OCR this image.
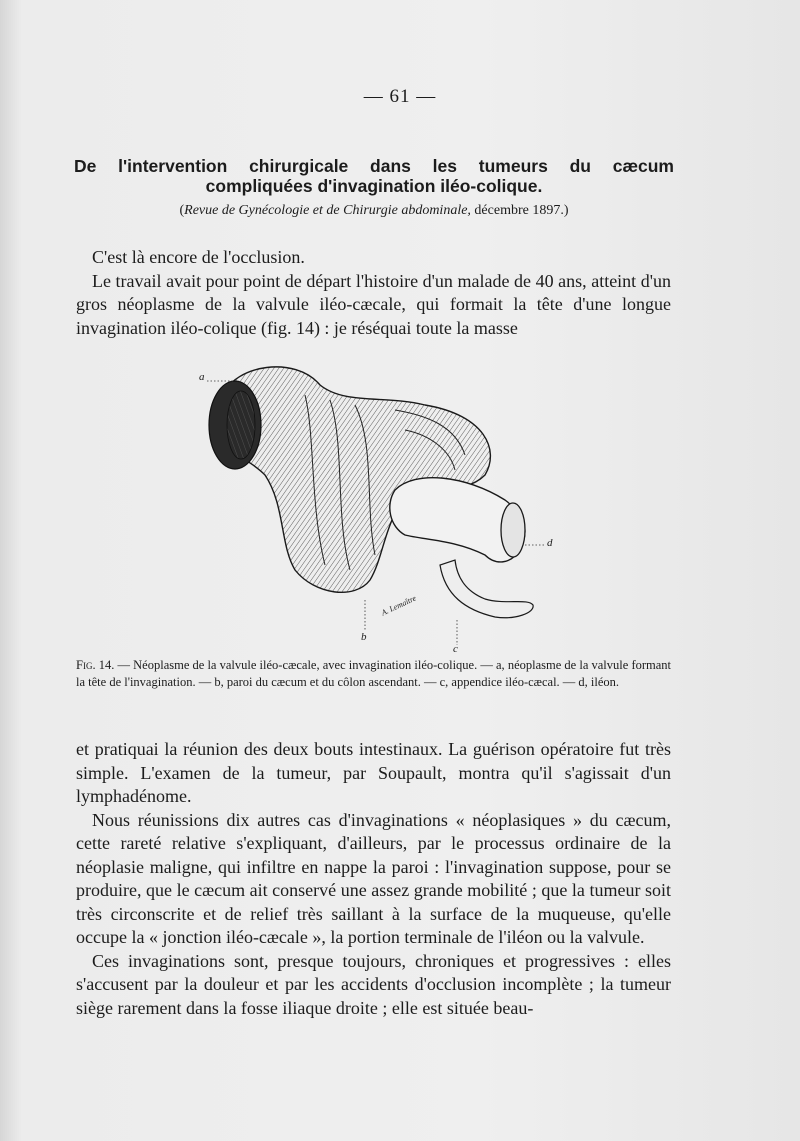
— 61 —
De l'intervention chirurgicale dans les tumeurs du cæcum
compliquées d'invagination iléo-colique.
(Revue de Gynécologie et de Chirurgie abdominale, décembre 1897.)

C'est là encore de l'occlusion.

Le travail avait pour point de départ l'histoire d'un malade de 40 ans, atteint d'un gros néoplasme de la valvule iléo-cæcale, qui formait la tête d'une longue invagination iléo-colique (fig. 14) : je réséquai toute la masse

a
b
c
d
A. Lemaître
Fig. 14. — Néoplasme de la valvule iléo-cæcale, avec invagination iléo-colique. — a, néoplasme de la valvule formant la tête de l'invagination. — b, paroi du cæcum et du côlon ascendant. — c, appendice iléo-cæcal. — d, iléon.

et pratiquai la réunion des deux bouts intestinaux. La guérison opératoire fut très simple. L'examen de la tumeur, par Soupault, montra qu'il s'agissait d'un lymphadénome.

Nous réunissions dix autres cas d'invaginations « néoplasiques » du cæcum, cette rareté relative s'expliquant, d'ailleurs, par le processus ordinaire de la néoplasie maligne, qui infiltre en nappe la paroi : l'invagination suppose, pour se produire, que le cæcum ait conservé une assez grande mobilité ; que la tumeur soit très circonscrite et de relief très saillant à la surface de la muqueuse, qu'elle occupe la « jonction iléo-cæcale », la portion terminale de l'iléon ou la valvule.

Ces invaginations sont, presque toujours, chroniques et progressives : elles s'accusent par la douleur et par les accidents d'occlusion incomplète ; la tumeur siège rarement dans la fosse iliaque droite ; elle est située beau-
